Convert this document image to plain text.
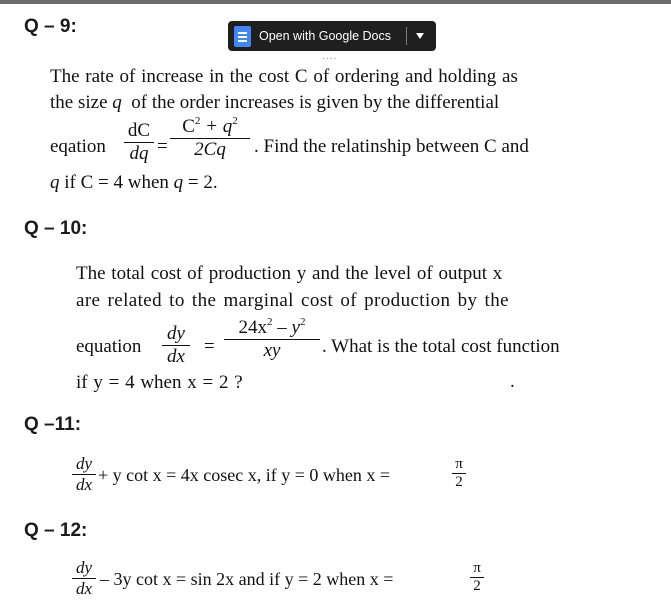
Q – 9:	Open with Google Docs
....
The rate of increase in the cost C of ordering and holding as
the size q of the order increases is given by the differential
eqation
dC
dq =
$C^2 + q^2$
2Cq	. Find the relatinship between C and
q if C = 4 when q = 2.
Q – 10:
The total cost of production y and the level of output x
are related to the marginal cost of production by the
equation
dy
dx =
$24x^2 - y^2$
xy	. What is the total cost function
if y = 4 when x = 2 ?	.
Q –11:
dy
dx + y cot x = 4x cosec x, if y = 0 when x =
π
2
Q – 12:
dy
dx – 3y cot x = sin 2x and if y = 2 when x =
π
2
